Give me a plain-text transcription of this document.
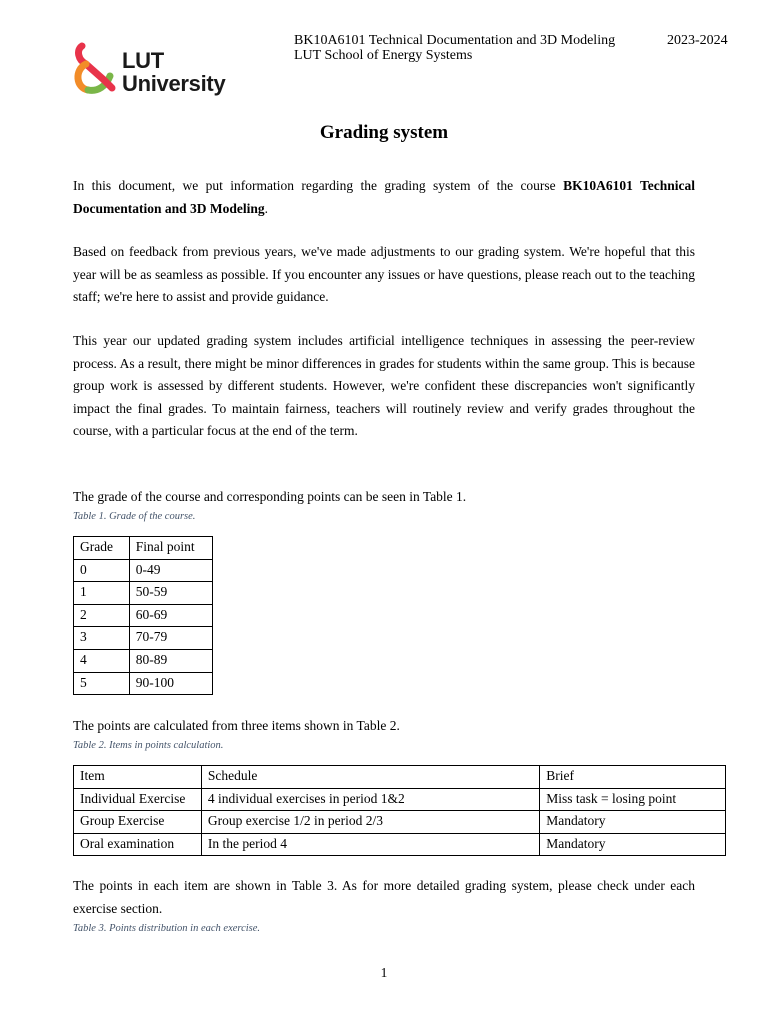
LUT
University
BK10A6101 Technical Documentation and 3D Modeling	2023-2024
LUT School of Energy Systems
Grading system
In this document, we put information regarding the grading system of the course BK10A6101 Technical Documentation and 3D Modeling.
Based on feedback from previous years, we've made adjustments to our grading system. We're hopeful that this year will be as seamless as possible. If you encounter any issues or have questions, please reach out to the teaching staff; we're here to assist and provide guidance.
This year our updated grading system includes artificial intelligence techniques in assessing the peer-review process. As a result, there might be minor differences in grades for students within the same group. This is because group work is assessed by different students. However, we're confident these discrepancies won't significantly impact the final grades. To maintain fairness, teachers will routinely review and verify grades throughout the course, with a particular focus at the end of the term.
The grade of the course and corresponding points can be seen in Table 1.
Table 1. Grade of the course.
Grade	Final point
0	0-49
1	50-59
2	60-69
3	70-79
4	80-89
5	90-100
The points are calculated from three items shown in Table 2.
Table 2. Items in points calculation.
Item	Schedule	Brief
Individual Exercise	4 individual exercises in period 1&2	Miss task = losing point
Group Exercise	Group exercise 1/2 in period 2/3	Mandatory
Oral examination	In the period 4	Mandatory
The points in each item are shown in Table 3. As for more detailed grading system, please check under each exercise section.
Table 3. Points distribution in each exercise.
1
